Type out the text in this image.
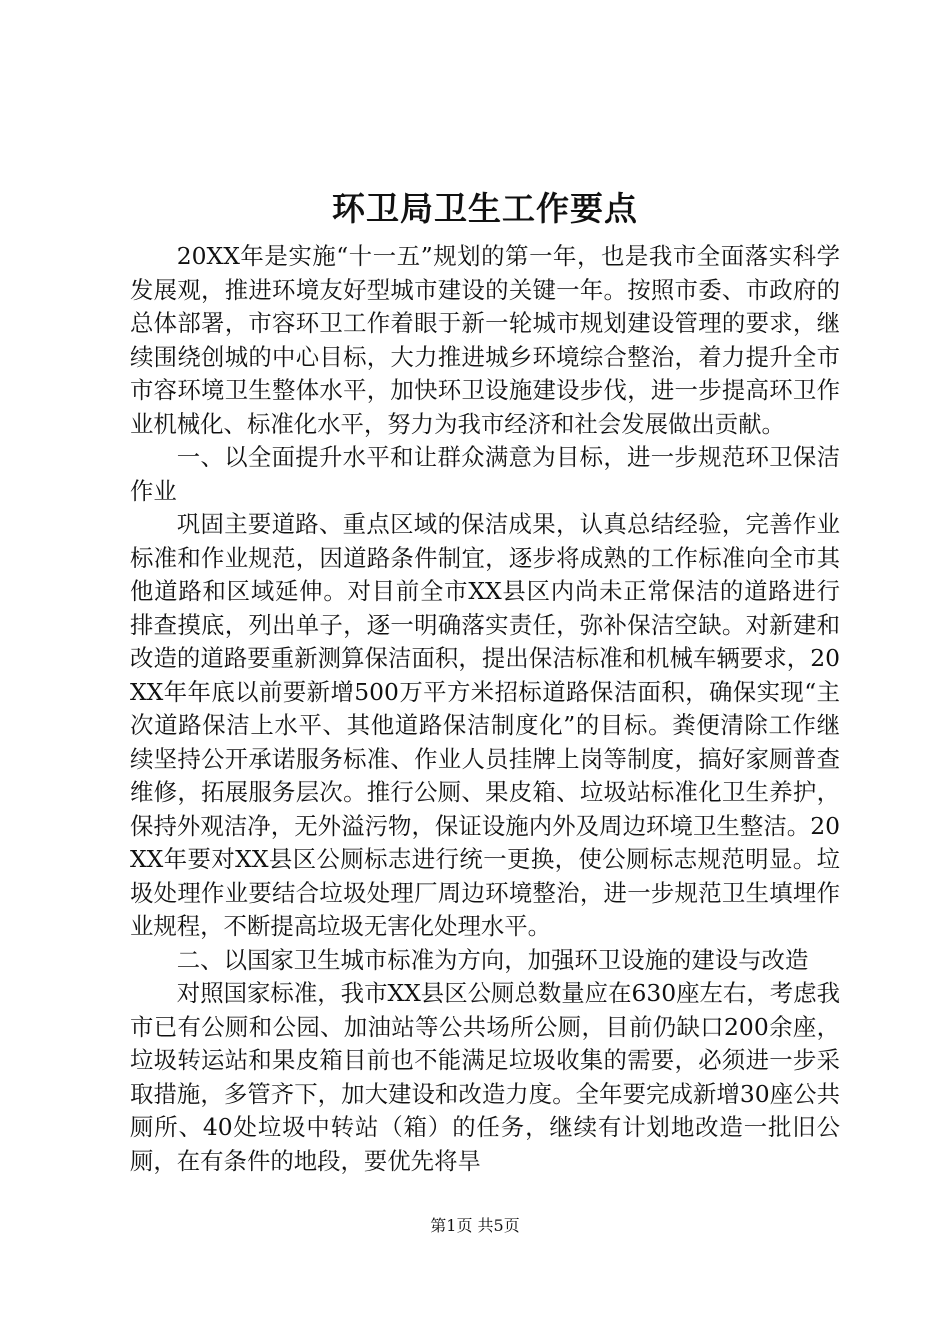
环卫局卫生工作要点

20XX年是实施“十一五”规划的第一年，也是我市全面落实科学发展观，推进环境友好型城市建设的关键一年。按照市委、市政府的总体部署，市容环卫工作着眼于新一轮城市规划建设管理的要求，继续围绕创城的中心目标，大力推进城乡环境综合整治，着力提升全市市容环境卫生整体水平，加快环卫设施建设步伐，进一步提高环卫作业机械化、标准化水平，努力为我市经济和社会发展做出贡献。

一、以全面提升水平和让群众满意为目标，进一步规范环卫保洁作业

巩固主要道路、重点区域的保洁成果，认真总结经验，完善作业标准和作业规范，因道路条件制宜，逐步将成熟的工作标准向全市其他道路和区域延伸。对目前全市XX县区内尚未正常保洁的道路进行排查摸底，列出单子，逐一明确落实责任，弥补保洁空缺。对新建和改造的道路要重新测算保洁面积，提出保洁标准和机械车辆要求，20XX年年底以前要新增500万平方米招标道路保洁面积，确保实现“主次道路保洁上水平、其他道路保洁制度化”的目标。粪便清除工作继续坚持公开承诺服务标准、作业人员挂牌上岗等制度，搞好家厕普查维修，拓展服务层次。推行公厕、果皮箱、垃圾站标准化卫生养护，保持外观洁净，无外溢污物，保证设施内外及周边环境卫生整洁。20XX年要对XX县区公厕标志进行统一更换，使公厕标志规范明显。垃圾处理作业要结合垃圾处理厂周边环境整治，进一步规范卫生填埋作业规程，不断提高垃圾无害化处理水平。

二、以国家卫生城市标准为方向，加强环卫设施的建设与改造

对照国家标准，我市XX县区公厕总数量应在630座左右，考虑我市已有公厕和公园、加油站等公共场所公厕，目前仍缺口200余座，垃圾转运站和果皮箱目前也不能满足垃圾收集的需要，必须进一步采取措施，多管齐下，加大建设和改造力度。全年要完成新增30座公共厕所、40处垃圾中转站（箱）的任务，继续有计划地改造一批旧公厕，在有条件的地段，要优先将旱

第1页 共5页
